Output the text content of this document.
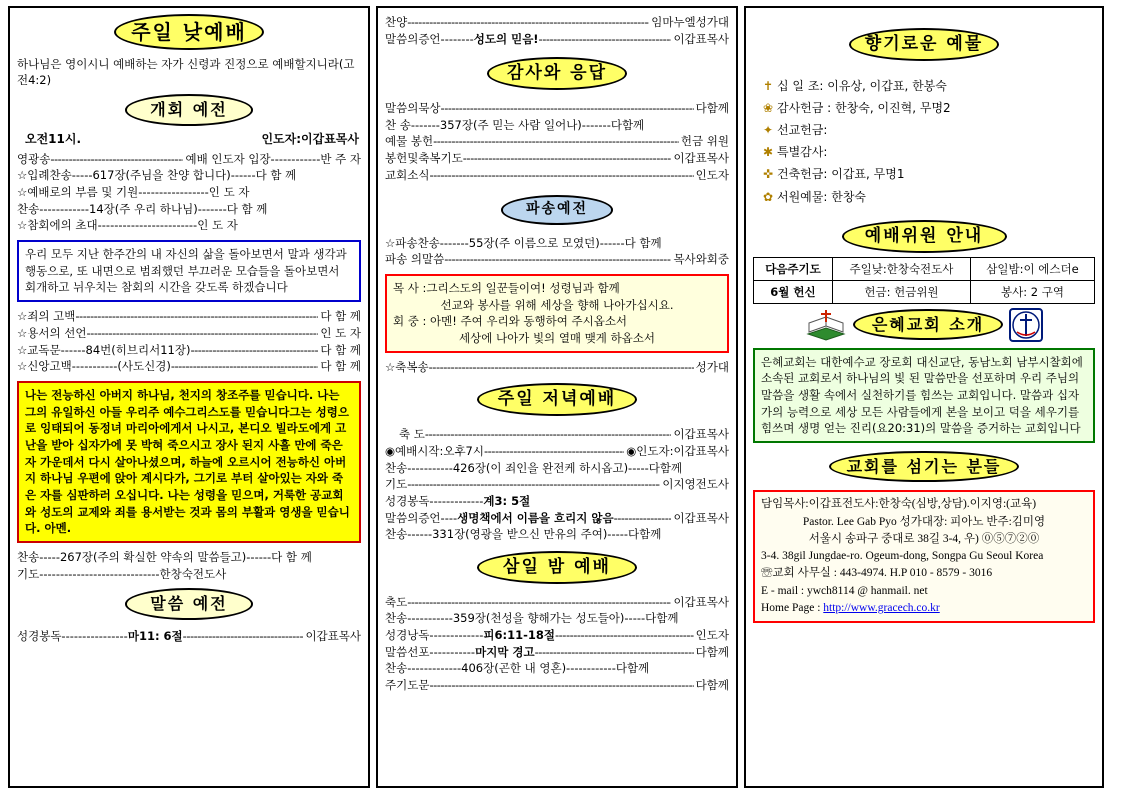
주일 낮예배
하나님은 영이시니 예배하는 자가 신령과 진정으로 예배할지니라(고전4:2)
개회 예전
오전11시.	인도자:이갑표목사
영광송 -----	예배 인도자 입장------------반 주 자
☆입례찬송-----617장(주님을 찬양 합니다)------다 함 께
☆예배로의 부름 및 기원-----------------인 도 자
찬송------------14장(주 우리 하나님)-------다 함 께
☆참회에의 초대------------------------인 도 자
우리 모두 지난 한주간의 내 자신의 삶을 돌아보면서 말과 생각과 행동으로, 또 내면으로 범죄했던 부끄러운 모습들을 돌아보면서 회개하고 뉘우치는 참회의 시간을 갖도록 하겠습니다
☆죄의 고백 -----	다 함 께
☆용서의 선언 -----	인 도 자
☆교독문------84번(히브리서11장) -----	다 함 께
☆신앙고백-----------(사도신경) -----	다 함 께
나는 전능하신 아버지 하나님, 천지의 창조주를 믿습니다. 나는 그의 유일하신 아들 우리주 예수그리스도를 믿습니다그는 성령으로 잉태되어 동정녀 마리아에게서 나시고, 본디오 빌라도에게 고난을 받아 십자가에 못 박혀 죽으시고 장사 된지 사흘 만에 죽은 자 가운데서 다시 살아나셨으며, 하늘에 오르시어 전능하신 아버지 하나님 우편에 앉아 계시다가, 그기로 부터 살아있는 자와 죽은 자를 심판하러 오십니다. 나는 성령을 믿으며, 거룩한 공교회와 성도의 교제와 죄를 용서받는 것과 몸의 부활과 영생을 믿습니다. 아멘.
찬송-----267장(주의 확실한 약속의 말씀들고)------다 함 께
기도-----------------------------한창숙전도사
말씀 예전
성경봉독---------------- 마11: 6절 -----	이갑표목사
찬양 -----	임마누엘성가대
말씀의증언-------- 성도의 믿음! -----	이갑표목사
감사와 응답
말씀의묵상 -----	다함께
찬 송-------357장(주 믿는 사람 일어나)-------다함께
예물 봉헌 -----	헌금 위원
봉헌및축복기도 -----	이갑표목사
교회소식 -----	인도자
파송예전
☆파송찬송-------55장(주 이름으로 모였던)------다 함께
파송 의말씀 -----	목사와회중
목 사 :그리스도의 일꾼들이여! 성령님과 함께
선교와 봉사를 위해 세상을 향해 나아가십시요.
회 중 : 아멘! 주여 우리와 동행하여 주시옵소서
세상에 나아가 빛의 열매 맺게 하옵소서
☆축복송 -----	성가대
주일 저녁예배
축 도 -----	이갑표목사
◉예배시작:오후7시 -----	◉인도자:이갑표목사
찬송-----------426장(이 죄인을 완전케 하시옵고)-----다함께
기도 -----	이지영전도사
성경봉독------------- 계3: 5절
말씀의증언---- 생명책에서 이름을 흐리지 않음 -----	이갑표목사
찬송------331장(영광을 받으신 만유의 주여)-----다함께
삼일 밤 예배
축도 -----	이갑표목사
찬송-----------359장(천성을 향해가는 성도들아)-----다함께
성경낭독------------- 피6:11-18절 -----	인도자
말씀선포----------- 마지막 경고 -----	다함께
찬송-------------406장(곤한 내 영혼)------------다함께
주기도문 -----	다함께
향기로운 예물
✝ 십 일 조: 이유상, 이갑표, 한봉숙
❀ 감사헌금 : 한창숙, 이진혁, 무명2
✦ 선교헌금:
✱ 특별감사:
✜ 건축헌금: 이갑표, 무명1
✿ 서원예물: 한창숙
예배위원 안내
다음주기도	주일낮:한창숙전도사	삼일밤:이 에스더e
6월 헌신	헌금: 헌금위원	봉사: 2 구역
은혜교회 소개
은혜교회는 대한예수교 장로회 대신교단, 동남노회 남부시찰회에 소속된 교회로서 하나님의 빛 된 말씀만을 선포하며 우리 주님의 말씀을 생활 속에서 실천하기를 힘쓰는 교회입니다. 말씀과 십자가의 능력으로 세상 모든 사람들에게 본을 보이고 덕을 세우기를 힘쓰며 생명 얻는 진리(요20:31)의 말씀을 증거하는 교회입니다
교회를 섬기는 분들
담임목사:이갑표전도사:한창숙(심방,상담).이지영:(교육)
Pastor. Lee Gab Pyo 성가대장: 피아노 반주:김미영
서울시 송파구 중대로 38길 3-4, 우) ⓪⑤⑦②⓪
3-4. 38gil Jungdae-ro. Ogeum-dong, Songpa Gu Seoul Korea
☏교회 사무실 : 443-4974. H.P 010 - 8579 - 3016
E - mail : ywch8114 @ hanmail. net
Home Page : http://www.gracech.co.kr
